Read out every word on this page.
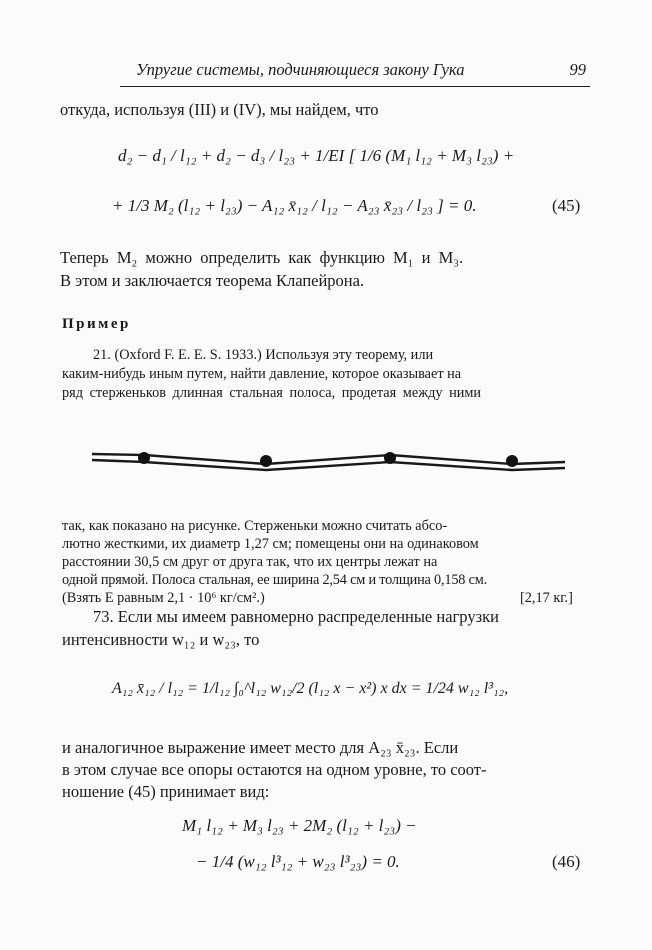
Упругие системы, подчиняющиеся закону Гука	99
откуда, используя (III) и (IV), мы найдем, что
d₂ − d₁ / l₁₂ + d₂ − d₃ / l₂₃ + 1/EI [ 1/6 (M₁ l₁₂ + M₃ l₂₃) +
+ 1/3 M₂ (l₁₂ + l₂₃) − A₁₂ x̄₁₂ / l₁₂ − A₂₃ x̄₂₃ / l₂₃ ] = 0.	(45)
Теперь M₂ можно определить как функцию M₁ и M₃.
В этом и заключается теорема Клапейрона.
Пример
21. (Oxford F. E. E. S. 1933.) Используя эту теорему, или
каким-нибудь иным путем, найти давление, которое оказывает на
ряд стерженьков длинная стальная полоса, продетая между ними
так, как показано на рисунке. Стерженьки можно считать абсо-
лютно жесткими, их диаметр 1,27 см; помещены они на одинаковом
расстоянии 30,5 см друг от друга так, что их центры лежат на
одной прямой. Полоса стальная, ее ширина 2,54 см и толщина 0,158 см.
(Взять E равным 2,1 · 10⁶ кг/см².)	[2,17 кг.]
73. Если мы имеем равномерно распределенные нагрузки
интенсивности w₁₂ и w₂₃, то
A₁₂ x̄₁₂ / l₁₂ = 1/l₁₂ ∫₀^l₁₂ w₁₂/2 (l₁₂ x − x²) x dx = 1/24 w₁₂ l³₁₂,
и аналогичное выражение имеет место для A₂₃ x̄₂₃. Если
в этом случае все опоры остаются на одном уровне, то соот-
ношение (45) принимает вид:
M₁ l₁₂ + M₃ l₂₃ + 2M₂ (l₁₂ + l₂₃) −
− 1/4 (w₁₂ l³₁₂ + w₂₃ l³₂₃) = 0.	(46)
